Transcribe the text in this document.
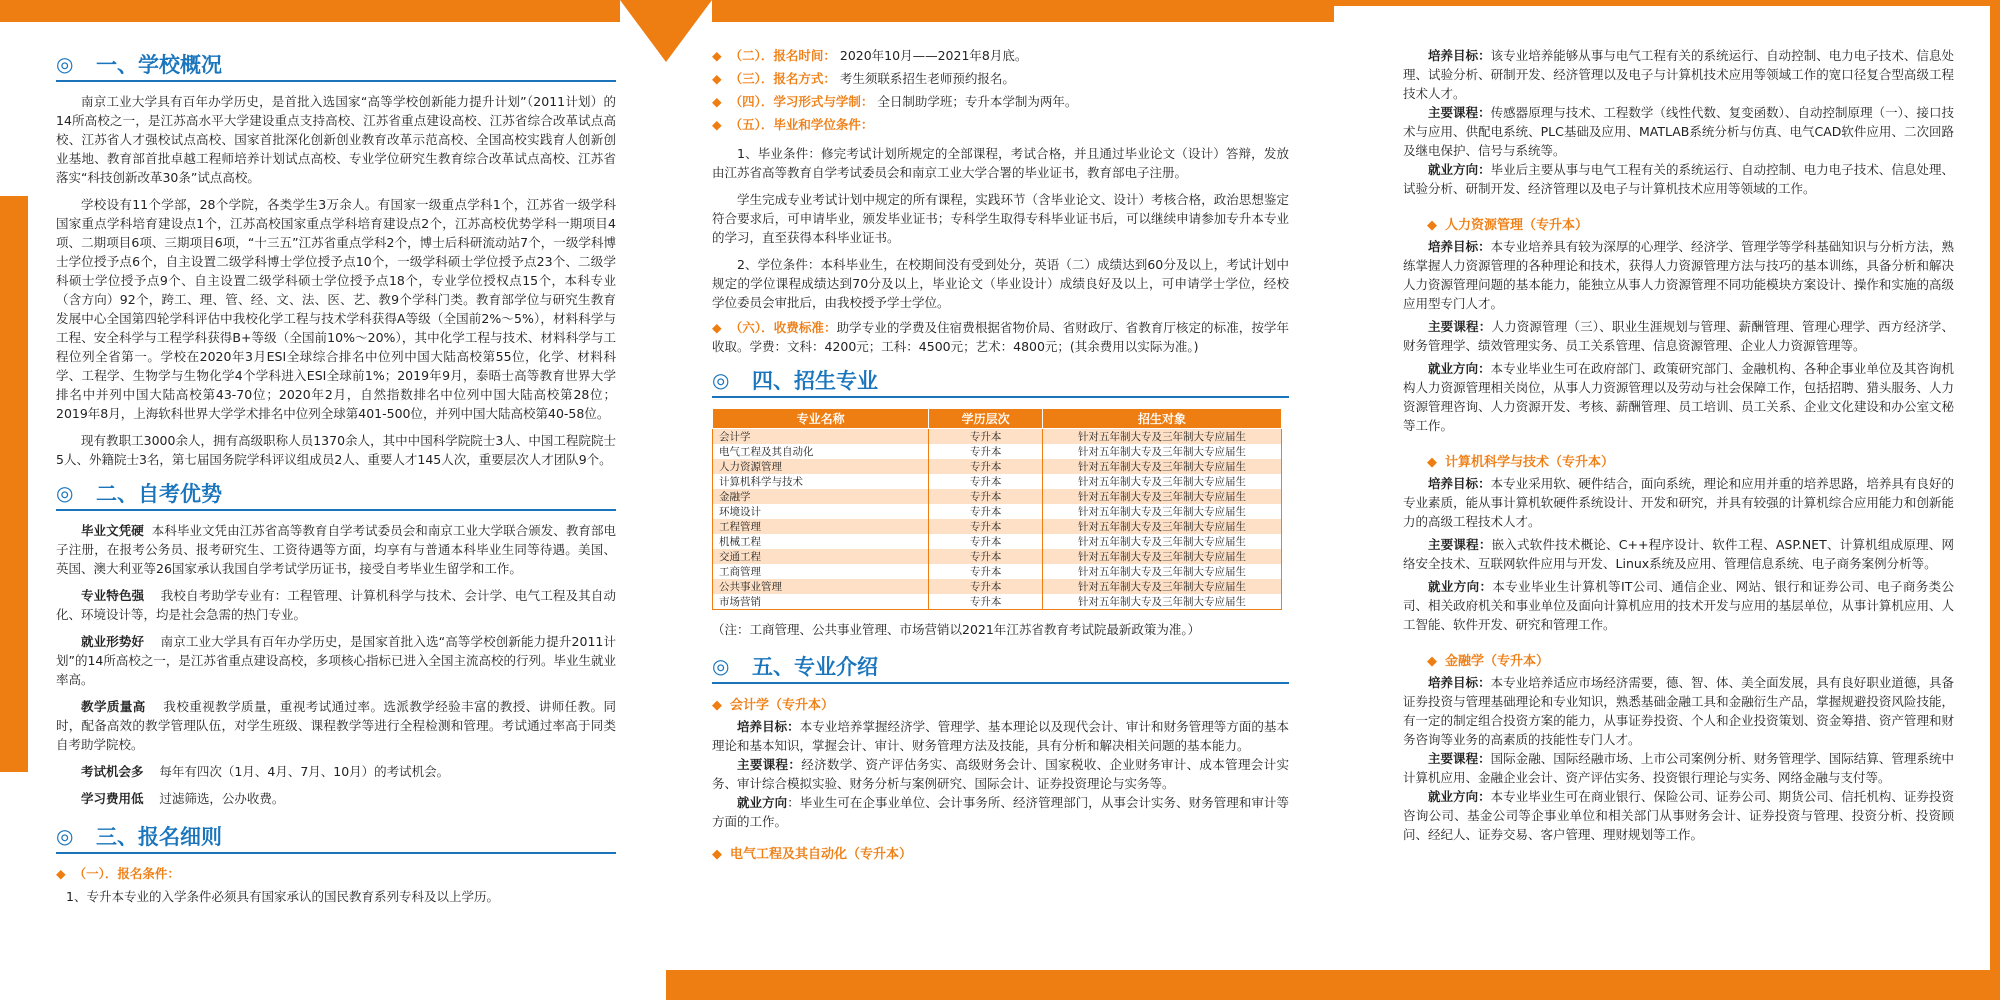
◎	一、学校概况

南京工业大学具有百年办学历史，是首批入选国家“高等学校创新能力提升计划”（2011计划）的14所高校之一，是江苏高水平大学建设重点支持高校、江苏省重点建设高校、江苏省综合改革试点高校、江苏省人才强校试点高校、国家首批深化创新创业教育改革示范高校、全国高校实践育人创新创业基地、教育部首批卓越工程师培养计划试点高校、专业学位研究生教育综合改革试点高校、江苏省落实“科技创新改革30条”试点高校。

学校设有11个学部，28个学院，各类学生3万余人。有国家一级重点学科1个，江苏省一级学科国家重点学科培育建设点1个，江苏高校国家重点学科培育建设点2个，江苏高校优势学科一期项目4项、二期项目6项、三期项目6项，“十三五”江苏省重点学科2个，博士后科研流动站7个，一级学科博士学位授予点6个，自主设置二级学科博士学位授予点10个，一级学科硕士学位授予点23个、二级学科硕士学位授予点9个、自主设置二级学科硕士学位授予点18个，专业学位授权点15个，本科专业（含方向）92个，跨工、理、管、经、文、法、医、艺、教9个学科门类。教育部学位与研究生教育发展中心全国第四轮学科评估中我校化学工程与技术学科获得A等级（全国前2%～5%），材料科学与工程、安全科学与工程学科获得B+等级（全国前10%～20%），其中化学工程与技术、材料科学与工程位列全省第一。学校在2020年3月ESI全球综合排名中位列中国大陆高校第55位，化学、材料科学、工程学、生物学与生物化学4个学科进入ESI全球前1%；2019年9月，泰晤士高等教育世界大学排名中并列中国大陆高校第43-70位；2020年2月，自然指数排名中位列中国大陆高校第28位；2019年8月，上海软科世界大学学术排名中位列全球第401-500位，并列中国大陆高校第40-58位。

现有教职工3000余人，拥有高级职称人员1370余人，其中中国科学院院士3人、中国工程院院士5人、外籍院士3名，第七届国务院学科评议组成员2人、重要人才145人次，重要层次人才团队9个。

◎	二、自考优势

毕业文凭硬 本科毕业文凭由江苏省高等教育自学考试委员会和南京工业大学联合颁发、教育部电子注册，在报考公务员、报考研究生、工资待遇等方面，均享有与普通本科毕业生同等待遇。美国、英国、澳大利亚等26国家承认我国自学考试学历证书，接受自考毕业生留学和工作。

专业特色强 我校自考助学专业有：工程管理、计算机科学与技术、会计学、电气工程及其自动化、环境设计等，均是社会急需的热门专业。

就业形势好 南京工业大学具有百年办学历史，是国家首批入选“高等学校创新能力提升2011计划”的14所高校之一，是江苏省重点建设高校，多项核心指标已进入全国主流高校的行列。毕业生就业率高。

教学质量高 我校重视教学质量，重视考试通过率。选派教学经验丰富的教授、讲师任教。同时，配备高效的教学管理队伍，对学生班级、课程教学等进行全程检测和管理。考试通过率高于同类自考助学院校。

考试机会多 每年有四次（1月、4月、7月、10月）的考试机会。

学习费用低 过滤筛选，公办收费。

◎	三、报名细则
◆ （一）．报名条件：

1、专升本专业的入学条件必须具有国家承认的国民教育系列专科及以上学历。

◆ （二）．报名时间： 2020年10月——2021年8月底。
◆ （三）．报名方式： 考生须联系招生老师预约报名。
◆ （四）．学习形式与学制： 全日制助学班；专升本学制为两年。
◆ （五）．毕业和学位条件：

1、毕业条件：修完考试计划所规定的全部课程，考试合格，并且通过毕业论文（设计）答辩，发放由江苏省高等教育自学考试委员会和南京工业大学合署的毕业证书，教育部电子注册。

学生完成专业考试计划中规定的所有课程，实践环节（含毕业论文、设计）考核合格，政治思想鉴定符合要求后，可申请毕业，颁发毕业证书；专科学生取得专科毕业证书后，可以继续申请参加专升本专业的学习，直至获得本科毕业证书。

2、学位条件：本科毕业生，在校期间没有受到处分，英语（二）成绩达到60分及以上，考试计划中规定的学位课程成绩达到70分及以上，毕业论文（毕业设计）成绩良好及以上，可申请学士学位，经校学位委员会审批后，由我校授予学士学位。

◆ （六）．收费标准：助学专业的学费及住宿费根据省物价局、省财政厅、省教育厅核定的标准，按学年收取。学费：文科：4200元；工科：4500元；艺术：4800元；(其余费用以实际为准。)
◎	四、招生专业
专业名称	学历层次	招生对象
会计学	专升本	针对五年制大专及三年制大专应届生
电气工程及其自动化	专升本	针对五年制大专及三年制大专应届生
人力资源管理	专升本	针对五年制大专及三年制大专应届生
计算机科学与技术	专升本	针对五年制大专及三年制大专应届生
金融学	专升本	针对五年制大专及三年制大专应届生
环境设计	专升本	针对五年制大专及三年制大专应届生
工程管理	专升本	针对五年制大专及三年制大专应届生
机械工程	专升本	针对五年制大专及三年制大专应届生
交通工程	专升本	针对五年制大专及三年制大专应届生
工商管理	专升本	针对五年制大专及三年制大专应届生
公共事业管理	专升本	针对五年制大专及三年制大专应届生
市场营销	专升本	针对五年制大专及三年制大专应届生
（注：工商管理、公共事业管理、市场营销以2021年江苏省教育考试院最新政策为准。）
◎	五、专业介绍
◆ 会计学（专升本）

培养目标：本专业培养掌握经济学、管理学、基本理论以及现代会计、审计和财务管理等方面的基本理论和基本知识，掌握会计、审计、财务管理方法及技能，具有分析和解决相关问题的基本能力。

主要课程：经济数学、资产评估务实、高级财务会计、国家税收、企业财务审计、成本管理会计实务、审计综合模拟实验、财务分析与案例研究、国际会计、证券投资理论与实务等。

就业方向：毕业生可在企事业单位、会计事务所、经济管理部门，从事会计实务、财务管理和审计等方面的工作。

◆ 电气工程及其自动化（专升本）

培养目标：该专业培养能够从事与电气工程有关的系统运行、自动控制、电力电子技术、信息处理、试验分析、研制开发、经济管理以及电子与计算机技术应用等领域工作的宽口径复合型高级工程技术人才。

主要课程：传感器原理与技术、工程数学（线性代数、复变函数）、自动控制原理（一）、接口技术与应用、供配电系统、PLC基础及应用、MATLAB系统分析与仿真、电气CAD软件应用、二次回路及继电保护、信号与系统等。

就业方向：毕业后主要从事与电气工程有关的系统运行、自动控制、电力电子技术、信息处理、试验分析、研制开发、经济管理以及电子与计算机技术应用等领域的工作。

◆ 人力资源管理（专升本）

培养目标：本专业培养具有较为深厚的心理学、经济学、管理学等学科基础知识与分析方法，熟练掌握人力资源管理的各种理论和技术，获得人力资源管理方法与技巧的基本训练，具备分析和解决人力资源管理问题的基本能力，能独立从事人力资源管理不同功能模块方案设计、操作和实施的高级应用型专门人才。

主要课程：人力资源管理（三）、职业生涯规划与管理、薪酬管理、管理心理学、西方经济学、财务管理学、绩效管理实务、员工关系管理、信息资源管理、企业人力资源管理等。

就业方向：本专业毕业生可在政府部门、政策研究部门、金融机构、各种企事业单位及其咨询机构人力资源管理相关岗位，从事人力资源管理以及劳动与社会保障工作，包括招聘、猎头服务、人力资源管理咨询、人力资源开发、考核、薪酬管理、员工培训、员工关系、企业文化建设和办公室文秘等工作。

◆ 计算机科学与技术（专升本）

培养目标：本专业采用软、硬件结合，面向系统，理论和应用并重的培养思路，培养具有良好的专业素质，能从事计算机软硬件系统设计、开发和研究，并具有较强的计算机综合应用能力和创新能力的高级工程技术人才。

主要课程：嵌入式软件技术概论、C++程序设计、软件工程、ASP.NET、计算机组成原理、网络安全技术、互联网软件应用与开发、Linux系统及应用、管理信息系统、电子商务案例分析等。

就业方向：本专业毕业生计算机等IT公司、通信企业、网站、银行和证券公司、电子商务类公司、相关政府机关和事业单位及面向计算机应用的技术开发与应用的基层单位，从事计算机应用、人工智能、软件开发、研究和管理工作。

◆ 金融学（专升本）

培养目标：本专业培养适应市场经济需要，德、智、体、美全面发展，具有良好职业道德，具备证券投资与管理基础理论和专业知识，熟悉基础金融工具和金融衍生产品，掌握规避投资风险技能，有一定的制定组合投资方案的能力，从事证券投资、个人和企业投资策划、资金筹措、资产管理和财务咨询等业务的高素质的技能性专门人才。

主要课程：国际金融、国际经融市场、上市公司案例分析、财务管理学、国际结算、管理系统中计算机应用、金融企业会计、资产评估实务、投资银行理论与实务、网络金融与支付等。

就业方向：本专业毕业生可在商业银行、保险公司、证券公司、期货公司、信托机构、证券投资咨询公司、基金公司等企事业单位和相关部门从事财务会计、证券投资与管理、投资分析、投资顾问、经纪人、证券交易、客户管理、理财规划等工作。
